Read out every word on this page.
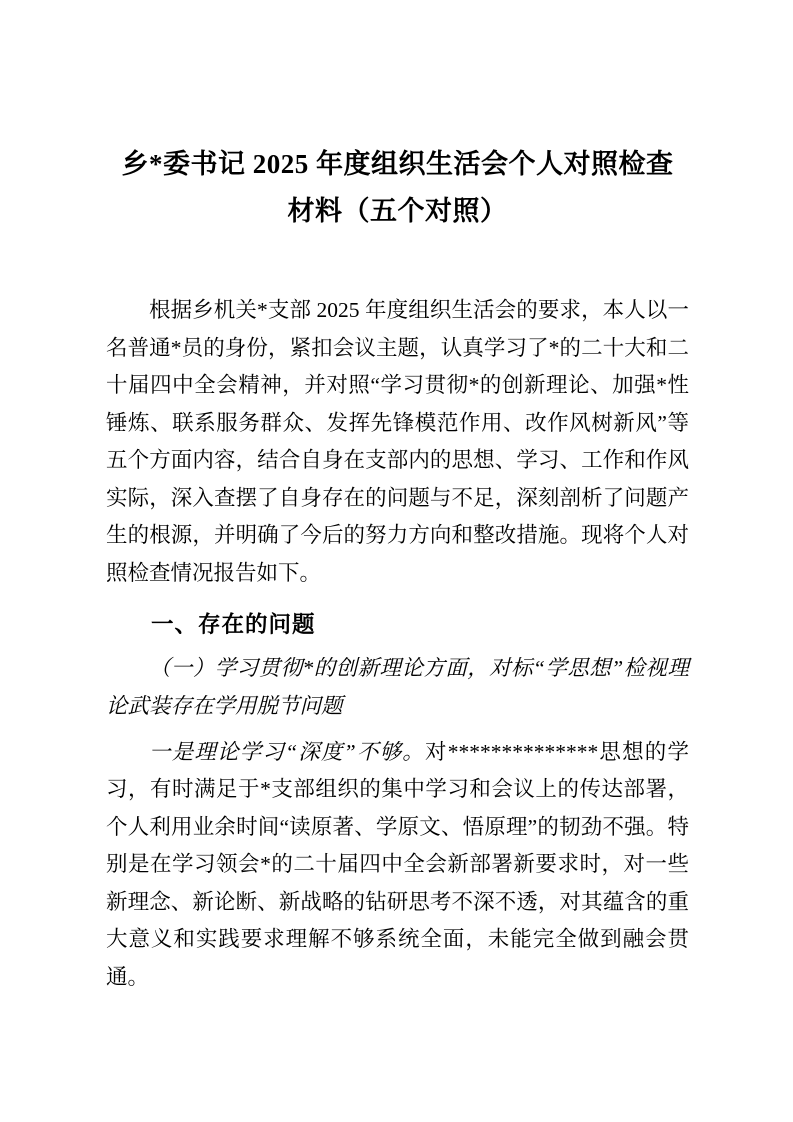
乡*委书记 2025 年度组织生活会个人对照检查
材料（五个对照）

根据乡机关*支部 2025 年度组织生活会的要求，本人以一名普通*员的身份，紧扣会议主题，认真学习了*的二十大和二十届四中全会精神，并对照“学习贯彻*的创新理论、加强*性锤炼、联系服务群众、发挥先锋模范作用、改作风树新风”等五个方面内容，结合自身在支部内的思想、学习、工作和作风实际，深入查摆了自身存在的问题与不足，深刻剖析了问题产生的根源，并明确了今后的努力方向和整改措施。现将个人对照检查情况报告如下。

一、存在的问题
（一）学习贯彻*的创新理论方面，对标“学思想”检视理论武装存在学用脱节问题

一是理论学习“深度”不够。对**************思想的学习，有时满足于*支部组织的集中学习和会议上的传达部署，个人利用业余时间“读原著、学原文、悟原理”的韧劲不强。特别是在学习领会*的二十届四中全会新部署新要求时，对一些新理念、新论断、新战略的钻研思考不深不透，对其蕴含的重大意义和实践要求理解不够系统全面，未能完全做到融会贯通。
